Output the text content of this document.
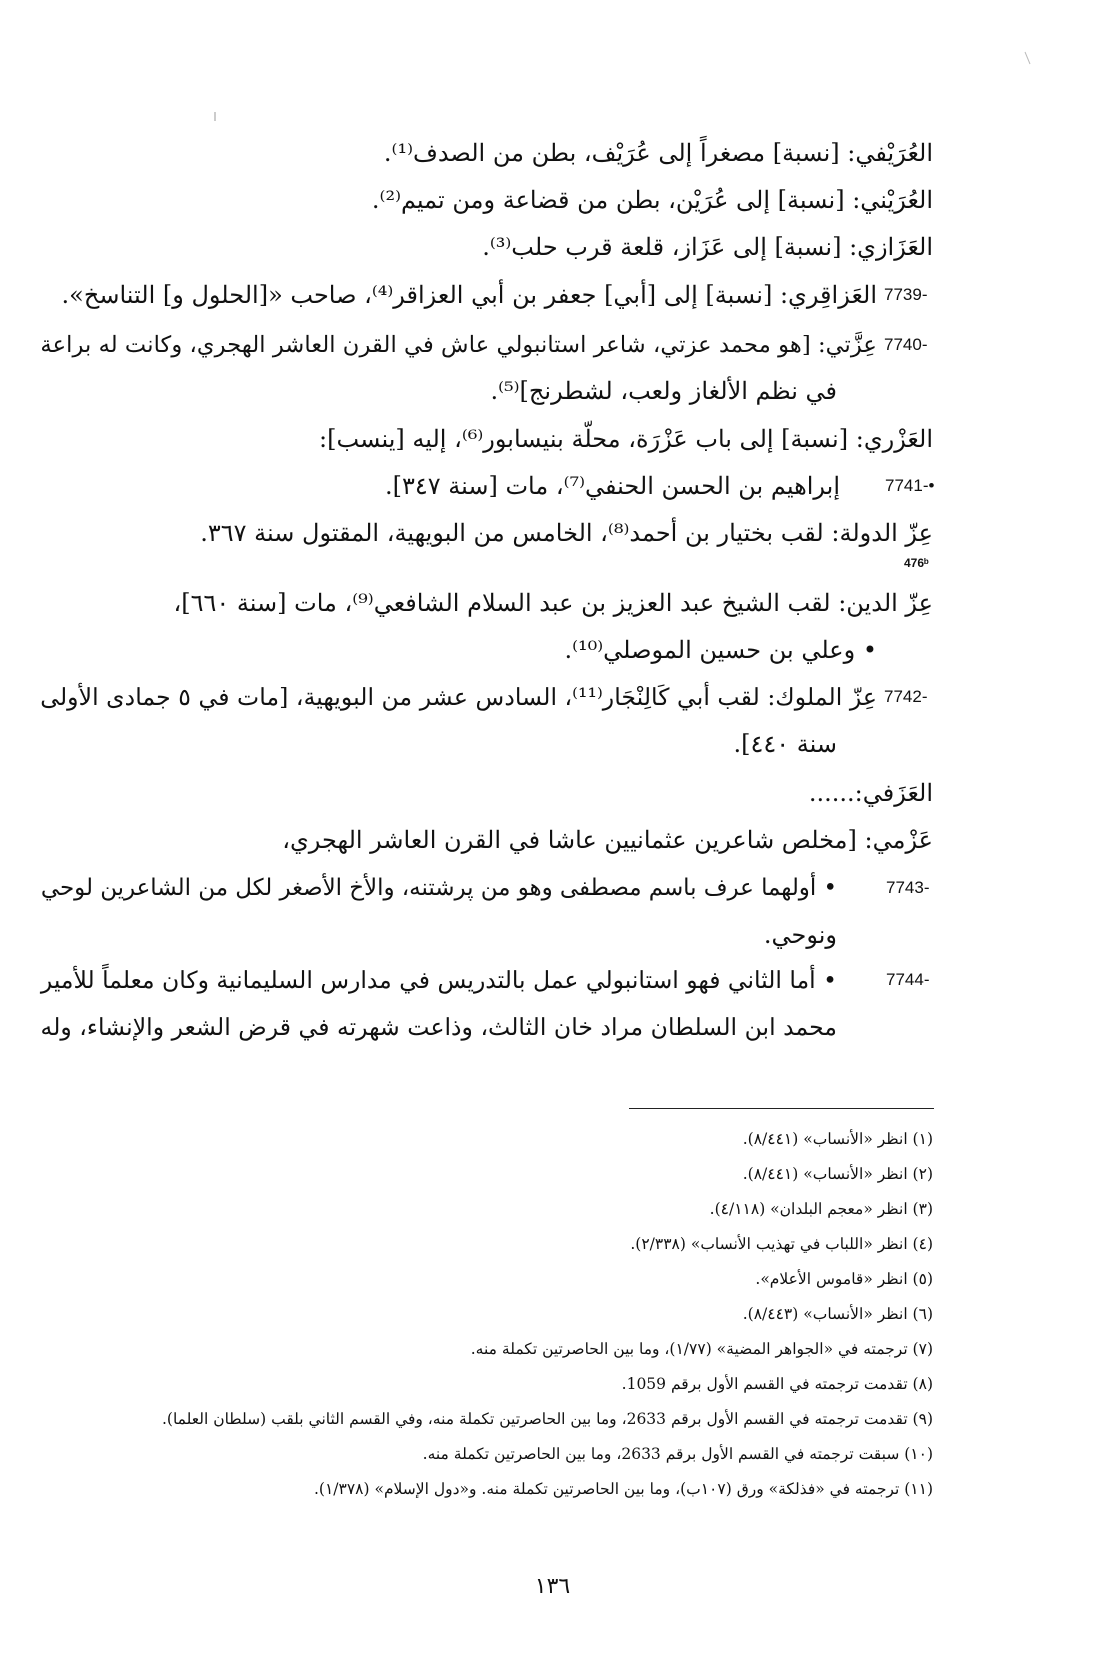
العُرَيْفي: [نسبة] مصغراً إلى عُرَيْف، بطن من الصدف⁽¹⁾.
العُرَيْني: [نسبة] إلى عُرَيْن، بطن من قضاعة ومن تميم⁽²⁾.
العَزَازي: [نسبة] إلى عَزَاز، قلعة قرب حلب⁽³⁾.
7739-
العَزاقِري: [نسبة] إلى [أبي] جعفر بن أبي العزاقر⁽⁴⁾، صاحب «[الحلول و] التناسخ».
7740-
عِزَّتي: [هو محمد عزتي، شاعر استانبولي عاش في القرن العاشر الهجري، وكانت له براعة
في نظم الألغاز ولعب، لشطرنج]⁽⁵⁾.
العَزْري: [نسبة] إلى باب عَزْرَة، محلّة بنيسابور⁽⁶⁾، إليه [ينسب]:
7741-•
إبراهيم بن الحسن الحنفي⁽⁷⁾، مات [سنة ٣٤٧].
عِزّ الدولة: لقب بختيار بن أحمد⁽⁸⁾، الخامس من البويهية، المقتول سنة ٣٦٧.
476ᵇ
عِزّ الدين: لقب الشيخ عبد العزيز بن عبد السلام الشافعي⁽⁹⁾، مات [سنة ٦٦٠]،
• وعلي بن حسين الموصلي⁽¹⁰⁾.
7742-
عِزّ الملوك: لقب أبي كَالِنْجَار⁽¹¹⁾، السادس عشر من البويهية، [مات في ٥ جمادى الأولى
سنة ٤٤٠].
العَزَفي:......
عَزْمي: [مخلص شاعرين عثمانيين عاشا في القرن العاشر الهجري،
7743-
• أولهما عرف باسم مصطفى وهو من پرشتنه، والأخ الأصغر لكل من الشاعرين لوحي
ونوحي.
7744-
• أما الثاني فهو استانبولي عمل بالتدريس في مدارس السليمانية وكان معلماً للأمير
محمد ابن السلطان مراد خان الثالث، وذاعت شهرته في قرض الشعر والإنشاء، وله
(١) انظر «الأنساب» (٨/٤٤١).
(٢) انظر «الأنساب» (٨/٤٤١).
(٣) انظر «معجم البلدان» (٤/١١٨).
(٤) انظر «اللباب في تهذيب الأنساب» (٢/٣٣٨).
(٥) انظر «قاموس الأعلام».
(٦) انظر «الأنساب» (٨/٤٤٣).
(٧) ترجمته في «الجواهر المضية» (١/٧٧)، وما بين الحاصرتين تكملة منه.
(٨) تقدمت ترجمته في القسم الأول برقم 1059.
(٩) تقدمت ترجمته في القسم الأول برقم 2633، وما بين الحاصرتين تكملة منه، وفي القسم الثاني بلقب (سلطان العلما).
(١٠) سبقت ترجمته في القسم الأول برقم 2633، وما بين الحاصرتين تكملة منه.
(١١) ترجمته في «فذلكة» ورق (١٠٧ب)، وما بين الحاصرتين تكملة منه. و«دول الإسلام» (١/٣٧٨).
١٣٦
